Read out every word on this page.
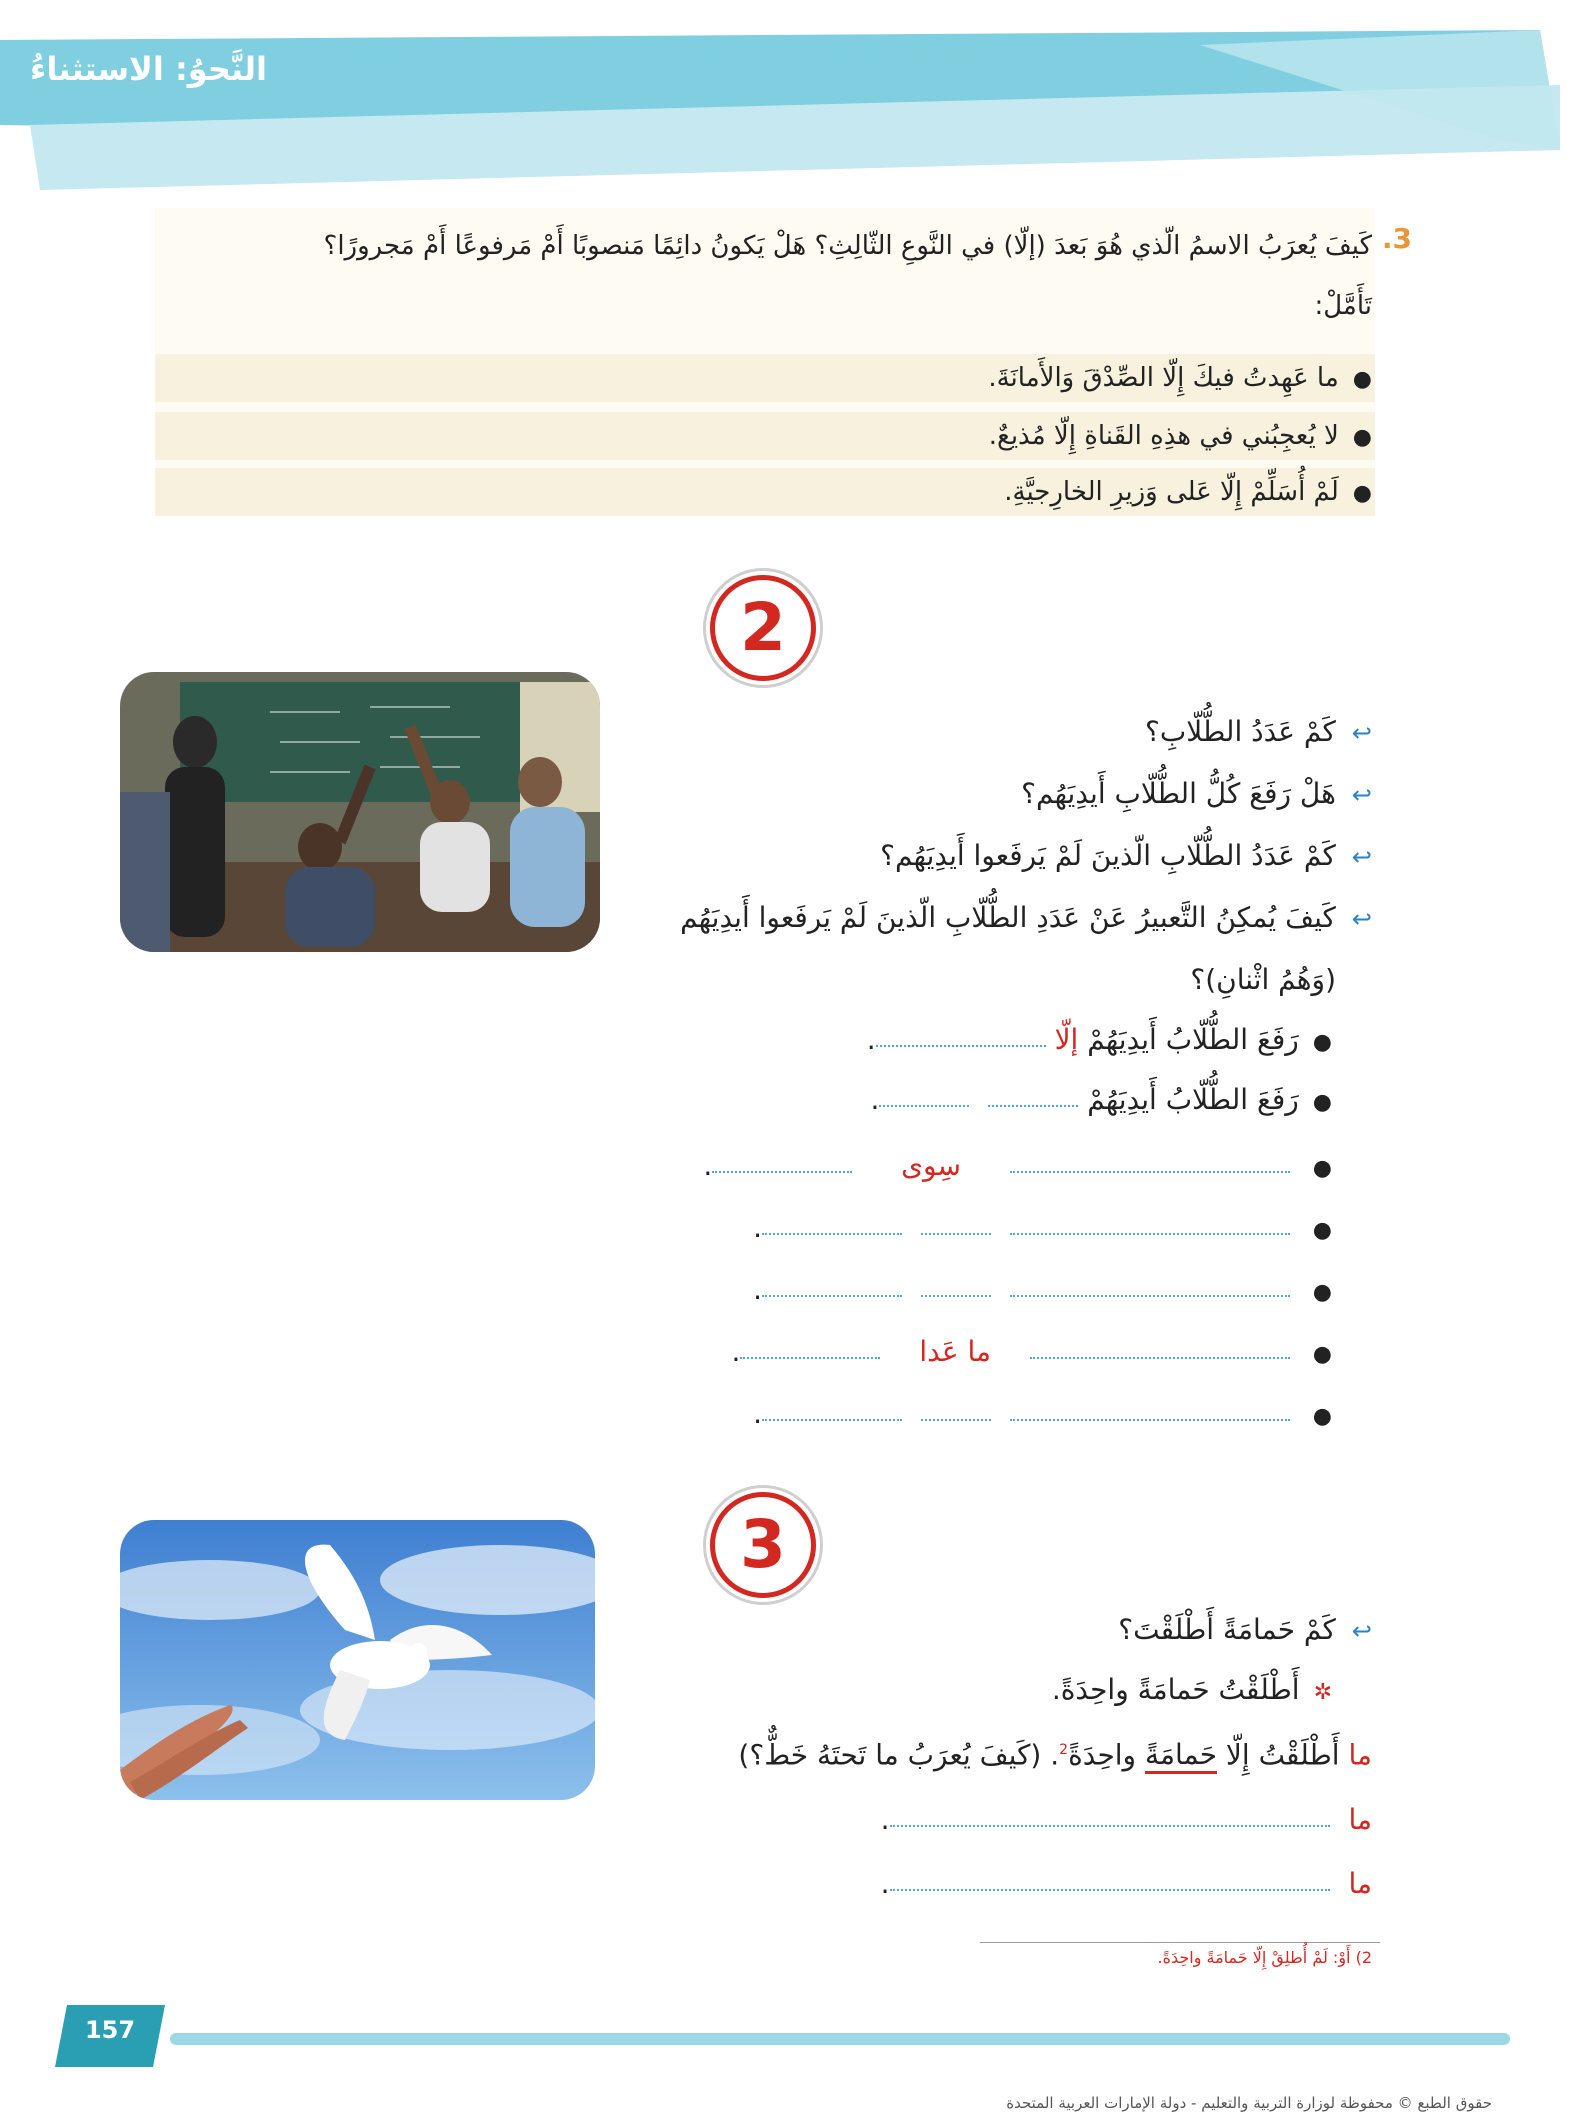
النَّحوُ: الاستثناءُ
3.
كَيفَ يُعرَبُ الاسمُ الّذي هُوَ بَعدَ (إلّا) في النَّوعِ الثّالِثِ؟ هَلْ يَكونُ دائِمًا مَنصوبًا أَمْ مَرفوعًا أَمْ مَجرورًا؟
تَأَمَّلْ:
●ما عَهِدتُ فيكَ إِلّا الصِّدْقَ وَالأَمانَةَ.
●لا يُعجِبُني في هذِهِ القَناةِ إِلّا مُذيعٌ.
●لَمْ أُسَلِّمْ إِلّا عَلى وَزيرِ الخارِجيَّةِ.
2
↩كَمْ عَدَدُ الطُّلّابِ؟
↩هَلْ رَفَعَ كُلُّ الطُّلّابِ أَيدِيَهُم؟
↩كَمْ عَدَدُ الطُّلّابِ الّذينَ لَمْ يَرفَعوا أَيدِيَهُم؟
↩كَيفَ يُمكِنُ التَّعبيرُ عَنْ عَدَدِ الطُّلّابِ الّذينَ لَمْ يَرفَعوا أَيدِيَهُم
(وَهُمُ اثْنانِ)؟
●رَفَعَ الطُّلّابُ أَيدِيَهُمْ إلّا .
●رَفَعَ الطُّلّابُ أَيدِيَهُمْ  .
●  سِوى .
●   .
●   .
●  ما عَدا .
●   .
3
↩كَمْ حَمامَةً أَطْلَقْتَ؟
✲أَطْلَقْتُ حَمامَةً واحِدَةً.
ما أَطْلَقْتُ إِلّا حَمامَةً واحِدَةً$^2$. (كَيفَ يُعرَبُ ما تَحتَهُ خَطٌّ؟)
ما .
ما .
2) أَوْ: لَمْ أُطلِقْ إِلّا حَمامَةً واحِدَةً.
157
حقوق الطبع © محفوظة لوزارة التربية والتعليم - دولة الإمارات العربية المتحدة
